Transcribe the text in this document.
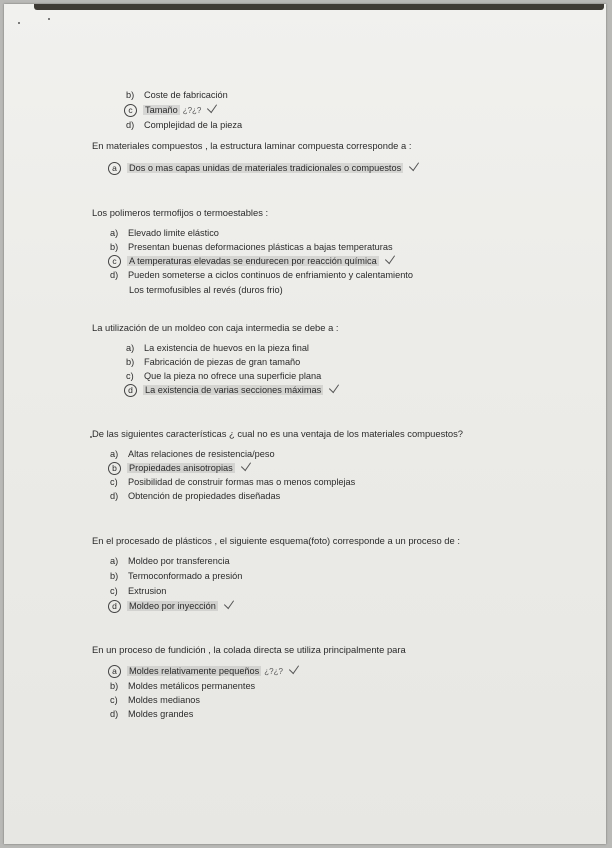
b) Coste de fabricación
c Tamaño ¿?¿?
d) Complejidad de la pieza
En materiales compuestos , la estructura laminar compuesta corresponde a :
a Dos o mas capas unidas de materiales tradicionales o compuestos
Los polimeros termofijos o termoestables :
a) Elevado limite elástico
b) Presentan buenas deformaciones plásticas a bajas temperaturas
c A temperaturas elevadas se endurecen por reacción química
d) Pueden someterse a ciclos continuos de enfriamiento y calentamiento
Los termofusibles al revés (duros frio)
La utilización de un moldeo con caja intermedia se debe a :
a) La existencia de huevos en la pieza final
b) Fabricación de piezas de gran tamaño
c) Que la pieza no ofrece una superficie plana
d La existencia de varias secciones máximas
De las siguientes características ¿ cual no es una ventaja de los materiales compuestos?
a) Altas relaciones de resistencia/peso
b Propiedades anisotropias
c) Posibilidad de construir formas mas o menos complejas
d) Obtención de propiedades diseñadas
En el procesado de plásticos , el siguiente esquema(foto) corresponde a un proceso de :
a) Moldeo por transferencia
b) Termoconformado a presión
c) Extrusion
d Moldeo por inyección
En un proceso de fundición , la colada directa se utiliza principalmente para
a Moldes relativamente pequeños ¿?¿?
b) Moldes metálicos permanentes
c) Moldes medianos
d) Moldes grandes
